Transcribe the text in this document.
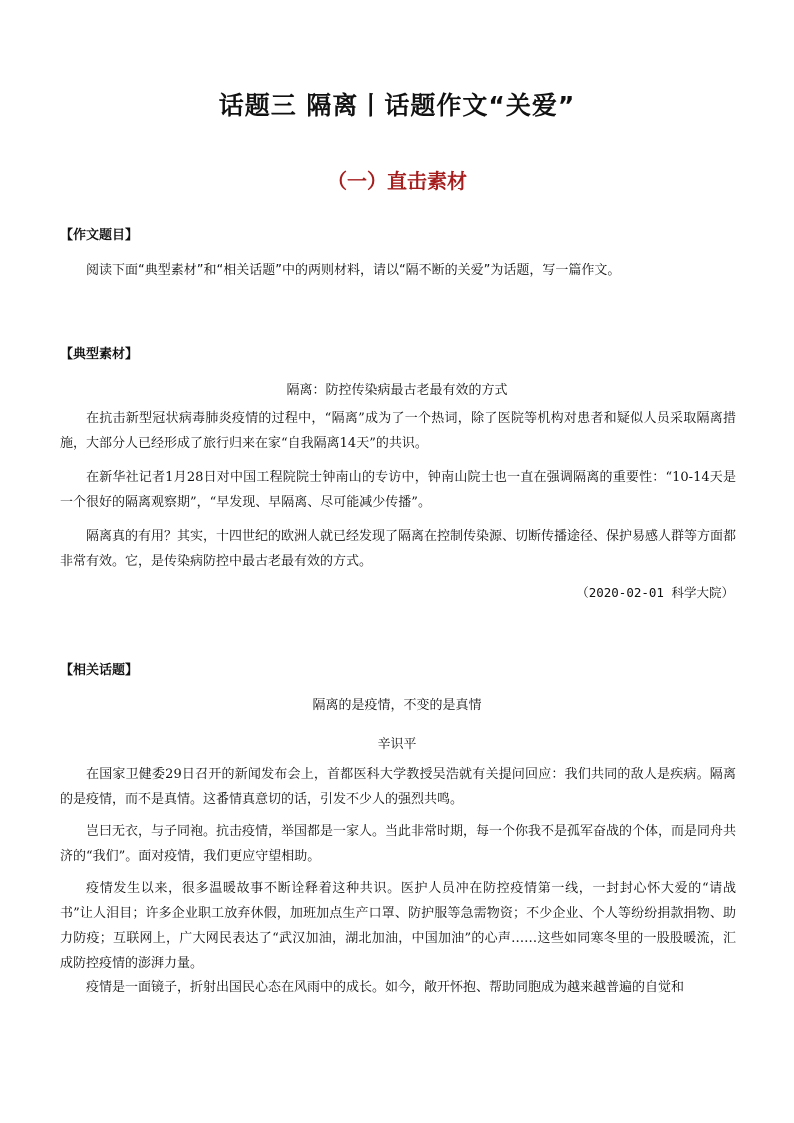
话题三 隔离丨话题作文“关爱”
（一）直击素材
【作文题目】
阅读下面“典型素材”和“相关话题”中的两则材料，请以“隔不断的关爱”为话题，写一篇作文。
【典型素材】
隔离：防控传染病最古老最有效的方式
在抗击新型冠状病毒肺炎疫情的过程中，“隔离”成为了一个热词，除了医院等机构对患者和疑似人员采取隔离措施，大部分人已经形成了旅行归来在家“自我隔离14天”的共识。
在新华社记者1月28日对中国工程院院士钟南山的专访中，钟南山院士也一直在强调隔离的重要性：“10-14天是一个很好的隔离观察期”，“早发现、早隔离、尽可能减少传播”。
隔离真的有用？其实，十四世纪的欧洲人就已经发现了隔离在控制传染源、切断传播途径、保护易感人群等方面都非常有效。它，是传染病防控中最古老最有效的方式。
（2020-02-01 科学大院）
【相关话题】
隔离的是疫情，不变的是真情
辛识平
在国家卫健委29日召开的新闻发布会上，首都医科大学教授吴浩就有关提问回应：我们共同的敌人是疾病。隔离的是疫情，而不是真情。这番情真意切的话，引发不少人的强烈共鸣。
岂曰无衣，与子同袍。抗击疫情，举国都是一家人。当此非常时期，每一个你我不是孤军奋战的个体，而是同舟共济的“我们”。面对疫情，我们更应守望相助。
疫情发生以来，很多温暖故事不断诠释着这种共识。医护人员冲在防控疫情第一线，一封封心怀大爱的“请战书”让人泪目；许多企业职工放弃休假，加班加点生产口罩、防护服等急需物资；不少企业、个人等纷纷捐款捐物、助力防疫；互联网上，广大网民表达了“武汉加油，湖北加油，中国加油”的心声……这些如同寒冬里的一股股暖流，汇成防控疫情的澎湃力量。
疫情是一面镜子，折射出国民心态在风雨中的成长。如今，敞开怀抱、帮助同胞成为越来越普遍的自觉和
